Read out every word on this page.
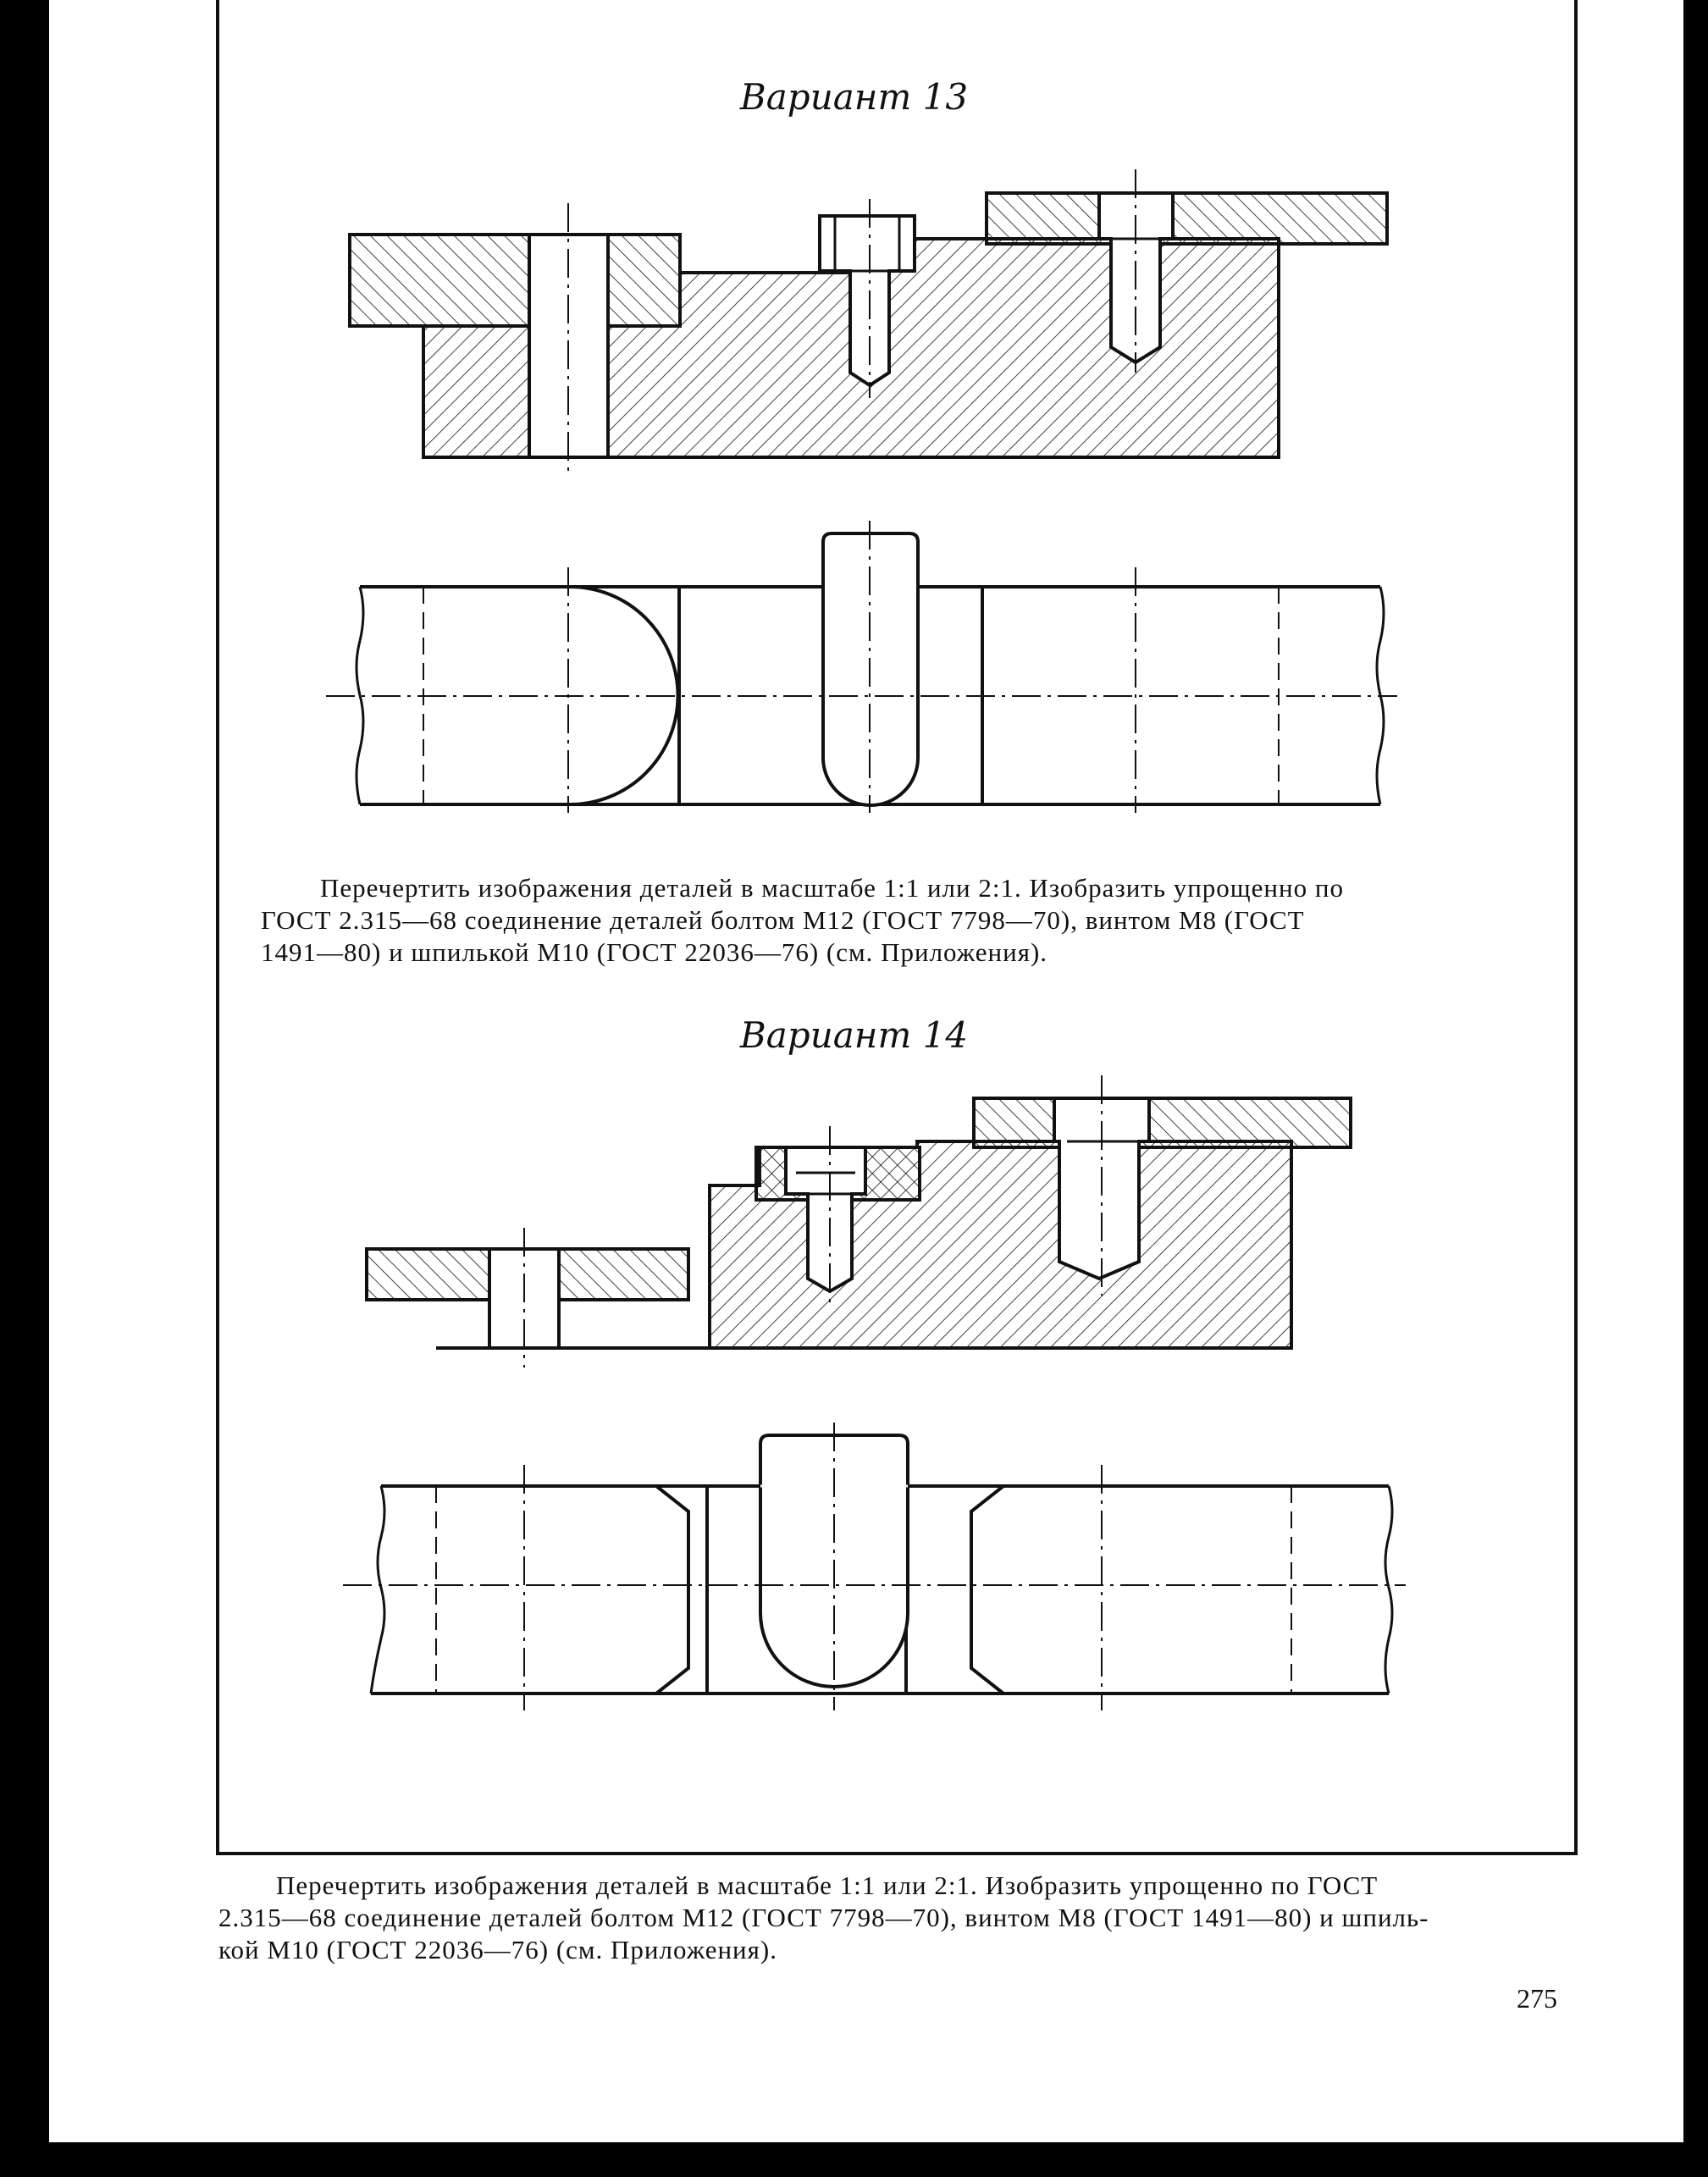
Вариант 13
Вариант 14
Перечертить изображения деталей в масштабе 1:1 или 2:1. Изобразить упрощенно по
ГОСТ 2.315—68 соединение деталей болтом М12 (ГОСТ 7798—70), винтом М8 (ГОСТ
1491—80) и шпилькой М10 (ГОСТ 22036—76) (см. Приложения).
Перечертить изображения деталей в масштабе 1:1 или 2:1. Изобразить упрощенно по ГОСТ
2.315—68 соединение деталей болтом М12 (ГОСТ 7798—70), винтом М8 (ГОСТ 1491—80) и шпиль-
кой М10 (ГОСТ 22036—76) (см. Приложения).
275
